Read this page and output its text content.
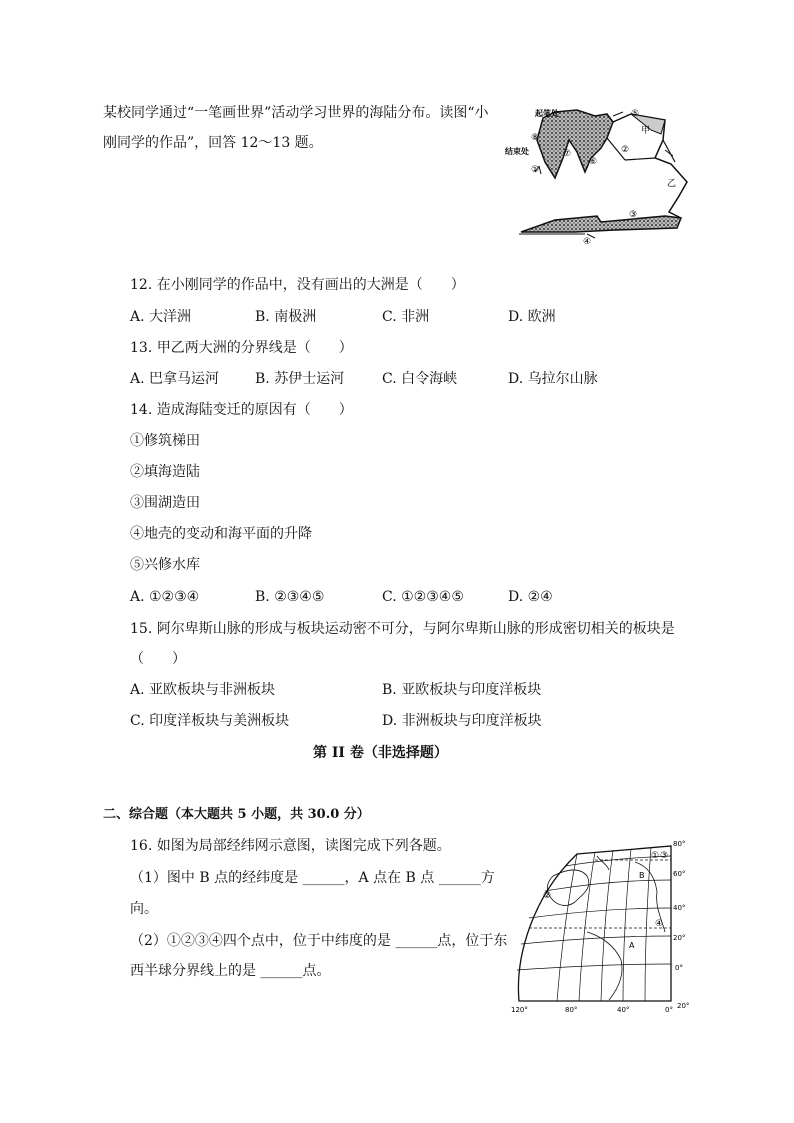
某校同学通过“一笔画世界”活动学习世界的海陆分布。读图“小
刚同学的作品”，回答 12～13 题。
起笔处
结束处
甲
乙
⑧
①
②
③
④
⑤
⑥
⑦
12. 在小刚同学的作品中，没有画出的大洲是（　　）
A. 大洋洲	B. 南极洲	C. 非洲	D. 欧洲
13. 甲乙两大洲的分界线是（　　）
A. 巴拿马运河	B. 苏伊士运河	C. 白令海峡	D. 乌拉尔山脉
14. 造成海陆变迁的原因有（　　）
①修筑梯田
②填海造陆
③围湖造田
④地壳的变动和海平面的升降
⑤兴修水库
A. ①②③④	B. ②③④⑤	C. ①②③④⑤	D. ②④
15. 阿尔卑斯山脉的形成与板块运动密不可分，与阿尔卑斯山脉的形成密切相关的板块是
（　　）
A. 亚欧板块与非洲板块	B. 亚欧板块与印度洋板块
C. 印度洋板块与美洲板块	D. 非洲板块与印度洋板块
第 II 卷（非选择题）
二、综合题（本大题共 5 小题，共 30.0 分）
16. 如图为局部经纬网示意图，读图完成下列各题。
（1）图中 B 点的经纬度是 ______，A 点在 B 点 ______方
向。
（2）①②③④四个点中，位于中纬度的是 ______点，位于东
西半球分界线上的是 ______点。
①
②
③
④
A
B
80°
60°
40°
20°
0°
20°
120°	80°	40°	0°
